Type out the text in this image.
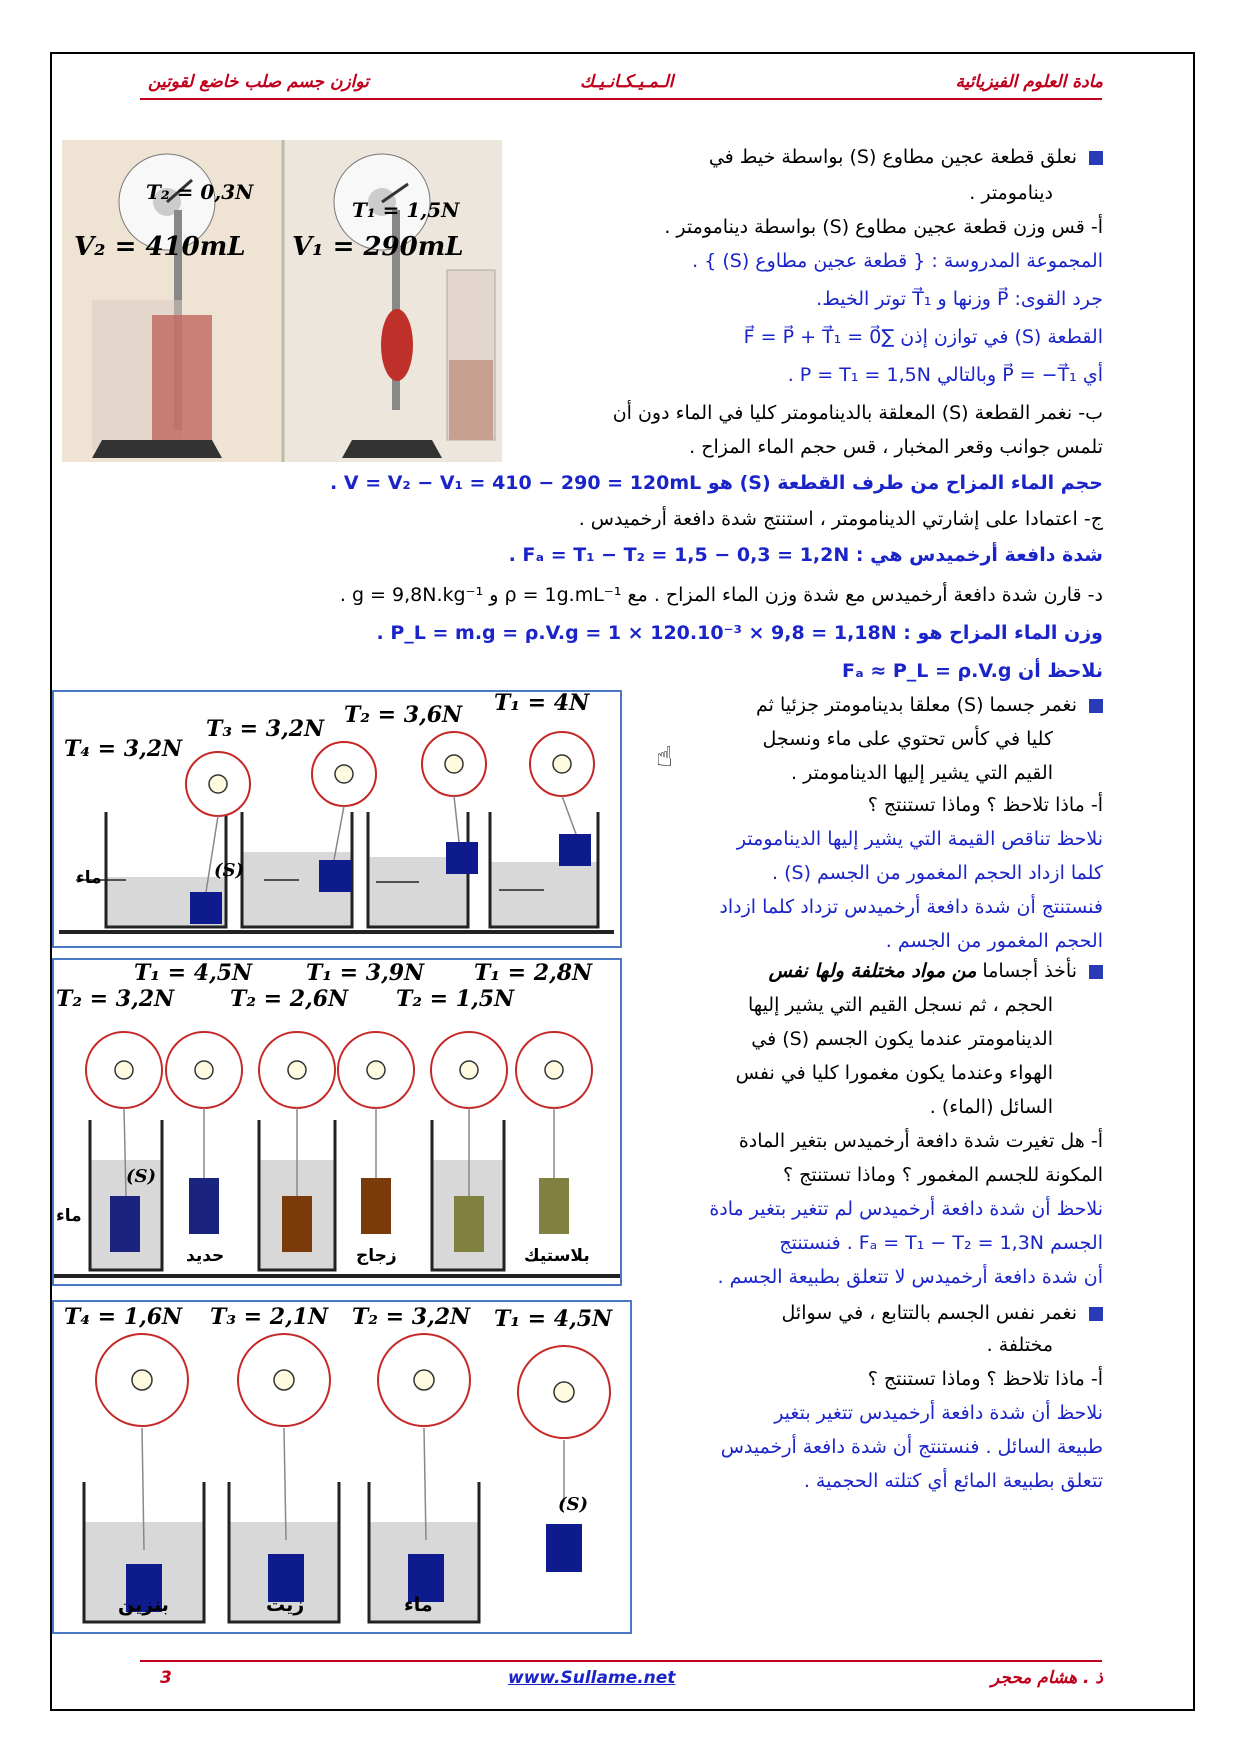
توازن جسم صلب خاضع لقوتين	الـمـيـكـانـيـك	مادة العلوم الفيزيائية
T₂ = 0,3N
V₂ = 410mL
T₁ = 1,5N
V₁ = 290mL
نعلق قطعة عجين مطاوع (S) بواسطة خيط في
دينامومتر .
أ- قس وزن قطعة عجين مطاوع (S) بواسطة دينامومتر .
المجموعة المدروسة : { قطعة عجين مطاوع (S) } .
جرد القوى: P⃗ وزنها و T⃗₁ توتر الخيط.
القطعة (S) في توازن إذن ∑F⃗ = P⃗ + T⃗₁ = 0⃗
أي P⃗ = −T⃗₁ وبالتالي P = T₁ = 1,5N .
ب- نغمر القطعة (S) المعلقة بالدينامومتر كليا في الماء دون أن
تلمس جوانب وقعر المخبار ، قس حجم الماء المزاح .
حجم الماء المزاح من طرف القطعة (S) هو V = V₂ − V₁ = 410 − 290 = 120mL .
ج- اعتمادا على إشارتي الدينامومتر ، استنتج شدة دافعة أرخميدس .
شدة دافعة أرخميدس هي : Fₐ = T₁ − T₂ = 1,5 − 0,3 = 1,2N .
د- قارن شدة دافعة أرخميدس مع شدة وزن الماء المزاح . مع ρ = 1g.mL⁻¹ و g = 9,8N.kg⁻¹ .
وزن الماء المزاح هو : P_L = m.g = ρ.V.g = 1 × 120.10⁻³ × 9,8 = 1,18N .
نلاحظ أن Fₐ ≈ P_L = ρ.V.g
T₄ = 3,2N
T₃ = 3,2N
T₂ = 3,6N T₁ = 4N
(S)
ماء
نغمر جسما (S) معلقا بدينامومتر جزئيا ثم
كليا في كأس تحتوي على ماء ونسجل
القيم التي يشير إليها الدينامومتر .
☝
أ- ماذا تلاحظ ؟ وماذا تستنتج ؟
نلاحظ تناقص القيمة التي يشير إليها الدينامومتر
كلما ازداد الحجم المغمور من الجسم (S) .
فنستنتج أن شدة دافعة أرخميدس تزداد كلما ازداد
الحجم المغمور من الجسم .
T₁ = 4,5N
T₂ = 3,2N
T₁ = 3,9N
T₂ = 2,6N
T₁ = 2,8N
T₂ = 1,5N
حديد	زجاج	بلاستيك
ماء
(S)
نأخذ أجساما من مواد مختلفة ولها نفس
الحجم ، ثم نسجل القيم التي يشير إليها
الدينامومتر عندما يكون الجسم (S) في
الهواء وعندما يكون مغمورا كليا في نفس
السائل (الماء) .
أ- هل تغيرت شدة دافعة أرخميدس بتغير المادة
المكونة للجسم المغمور ؟ وماذا تستنتج ؟
نلاحظ أن شدة دافعة أرخميدس لم تتغير بتغير مادة
الجسم Fₐ = T₁ − T₂ = 1,3N . فنستنتج
أن شدة دافعة أرخميدس لا تتعلق بطبيعة الجسم .
T₄ = 1,6N T₃ = 2,1N T₂ = 3,2N T₁ = 4,5N
بنزين	زيت	ماء
(S)
نغمر نفس الجسم بالتتابع ، في سوائل
مختلفة .
أ- ماذا تلاحظ ؟ وماذا تستنتج ؟
نلاحظ أن شدة دافعة أرخميدس تتغير بتغير
طبيعة السائل . فنستنتج أن شدة دافعة أرخميدس
تتعلق بطبيعة المائع أي كتلته الحجمية .
3	www.Sullame.net	ذ . هشام محجر
